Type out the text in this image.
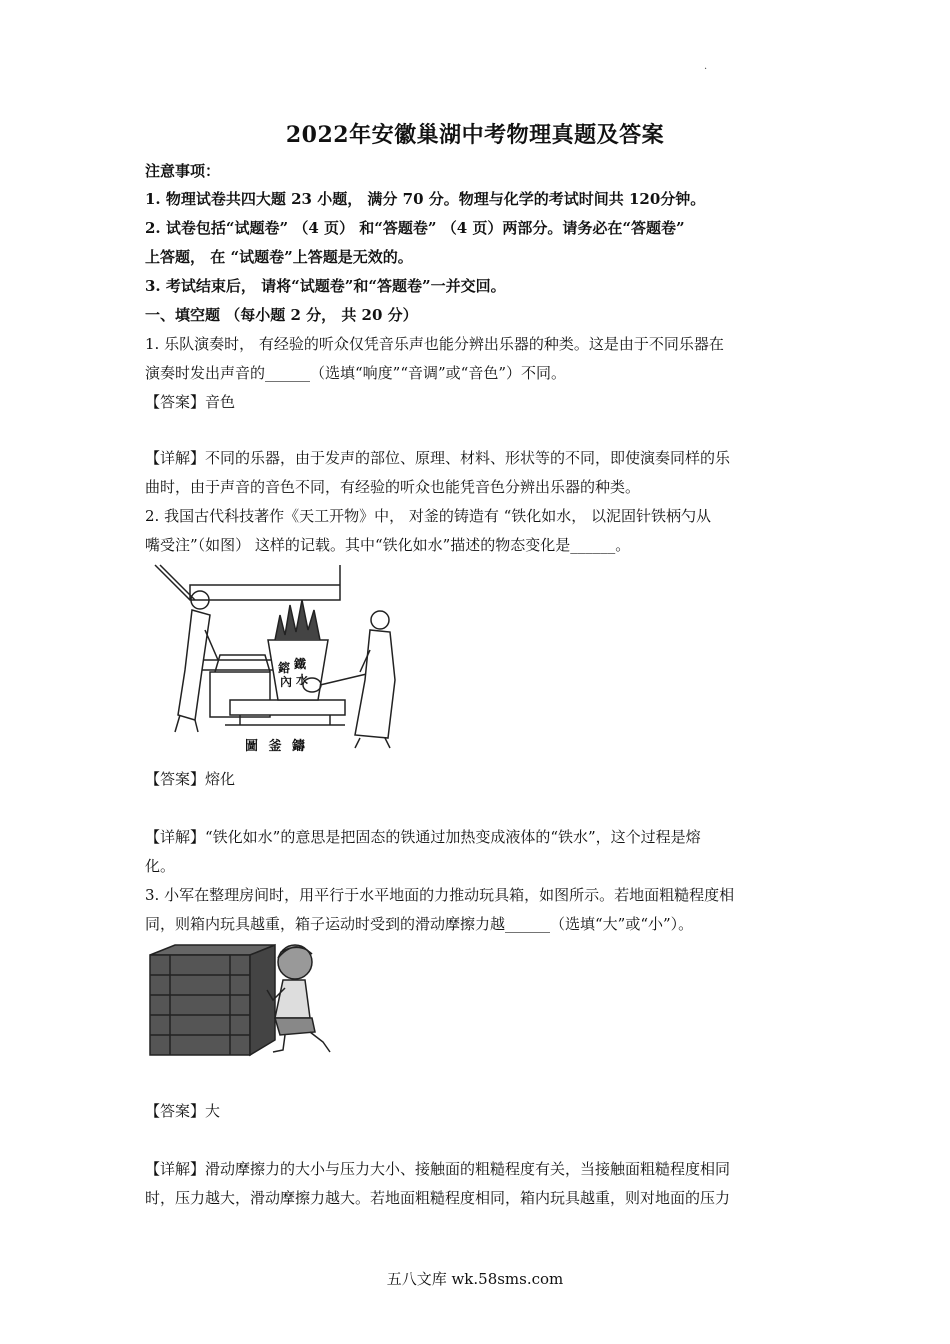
·
2022年安徽巢湖中考物理真题及答案
注意事项：
1. 物理试卷共四大题 23 小题， 满分 70 分。物理与化学的考试时间共 120分钟。
2. 试卷包括“试题卷” （4 页） 和“答题卷” （4 页）两部分。请务必在“答题卷”
上答题， 在 “试题卷”上答题是无效的。
3. 考试结束后， 请将“试题卷”和“答题卷”一并交回。
一、填空题 （每小题 2 分， 共 20 分）
1. 乐队演奏时， 有经验的听众仅凭音乐声也能分辨出乐器的种类。这是由于不同乐器在
演奏时发出声音的______（选填“响度”“音调”或“音色”）不同。
【答案】音色
【详解】不同的乐器，由于发声的部位、原理、材料、形状等的不同，即使演奏同样的乐
曲时，由于声音的音色不同，有经验的听众也能凭音色分辨出乐器的种类。
2. 我国古代科技著作《天工开物》中， 对釜的铸造有 “铁化如水， 以泥固针铁柄勺从
嘴受注”（如图） 这样的记载。其中“铁化如水”描述的物态变化是______。
鎔 鐵
內 水
圖 釜 鑄
【答案】熔化
【详解】“铁化如水”的意思是把固态的铁通过加热变成液体的“铁水”，这个过程是熔
化。
3. 小军在整理房间时，用平行于水平地面的力推动玩具箱，如图所示。若地面粗糙程度相
同，则箱内玩具越重，箱子运动时受到的滑动摩擦力越______（选填“大”或“小”）。
【答案】大
【详解】滑动摩擦力的大小与压力大小、接触面的粗糙程度有关，当接触面粗糙程度相同
时，压力越大，滑动摩擦力越大。若地面粗糙程度相同，箱内玩具越重，则对地面的压力
五八文库 wk.58sms.com
